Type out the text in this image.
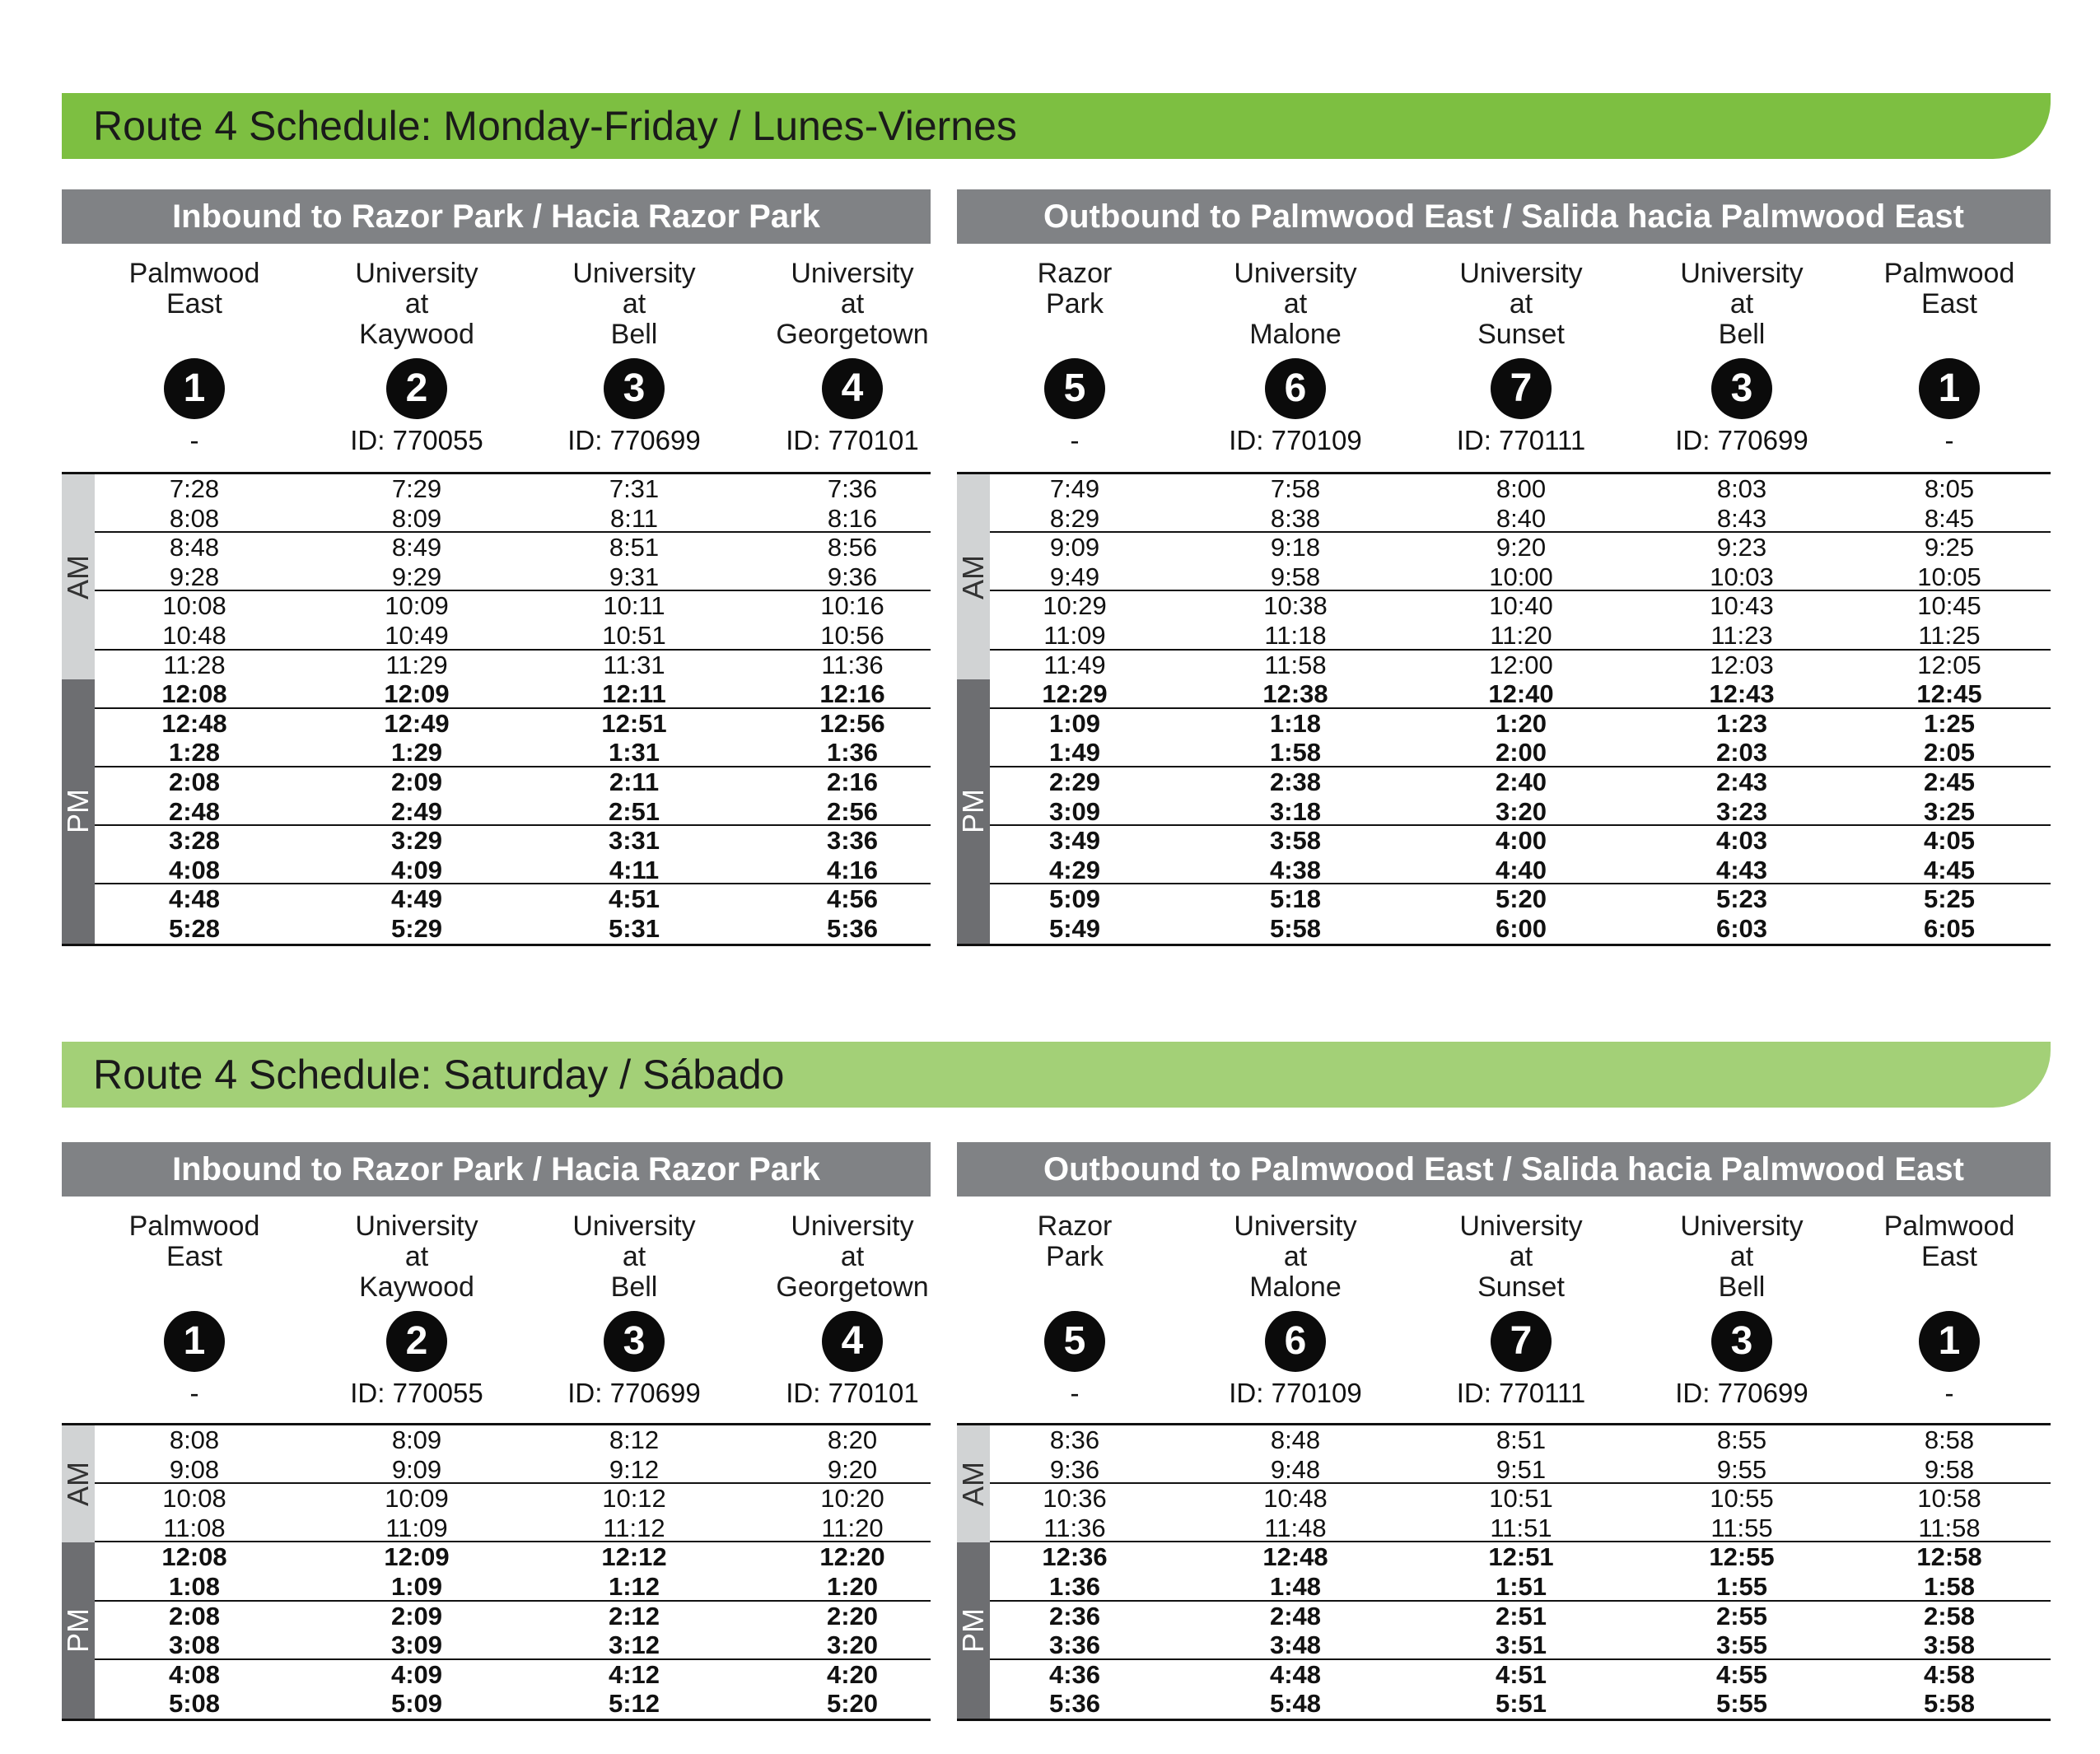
Route 4 Schedule: Monday-Friday / Lunes-Viernes
Inbound to Razor Park / Hacia Razor Park
Palmwood
East
1
-
University
at
Kaywood
2
ID: 770055
University
at
Bell
3
ID: 770699
University
at
Georgetown
4
ID: 770101
AM
PM
7:28	7:29	7:31	7:36
8:08	8:09	8:11	8:16
8:48	8:49	8:51	8:56
9:28	9:29	9:31	9:36
10:08	10:09	10:11	10:16
10:48	10:49	10:51	10:56
11:28	11:29	11:31	11:36
12:08	12:09	12:11	12:16
12:48	12:49	12:51	12:56
1:28	1:29	1:31	1:36
2:08	2:09	2:11	2:16
2:48	2:49	2:51	2:56
3:28	3:29	3:31	3:36
4:08	4:09	4:11	4:16
4:48	4:49	4:51	4:56
5:28	5:29	5:31	5:36
Outbound to Palmwood East / Salida hacia Palmwood East
Razor
Park
5
-
University
at
Malone
6
ID: 770109
University
at
Sunset
7
ID: 770111
University
at
Bell
3
ID: 770699
Palmwood
East
1
-
AM
PM
7:49	7:58	8:00	8:03	8:05
8:29	8:38	8:40	8:43	8:45
9:09	9:18	9:20	9:23	9:25
9:49	9:58	10:00	10:03	10:05
10:29	10:38	10:40	10:43	10:45
11:09	11:18	11:20	11:23	11:25
11:49	11:58	12:00	12:03	12:05
12:29	12:38	12:40	12:43	12:45
1:09	1:18	1:20	1:23	1:25
1:49	1:58	2:00	2:03	2:05
2:29	2:38	2:40	2:43	2:45
3:09	3:18	3:20	3:23	3:25
3:49	3:58	4:00	4:03	4:05
4:29	4:38	4:40	4:43	4:45
5:09	5:18	5:20	5:23	5:25
5:49	5:58	6:00	6:03	6:05
Route 4 Schedule: Saturday / Sábado
Inbound to Razor Park / Hacia Razor Park
Palmwood
East
1
-
University
at
Kaywood
2
ID: 770055
University
at
Bell
3
ID: 770699
University
at
Georgetown
4
ID: 770101
AM
PM
8:08	8:09	8:12	8:20
9:08	9:09	9:12	9:20
10:08	10:09	10:12	10:20
11:08	11:09	11:12	11:20
12:08	12:09	12:12	12:20
1:08	1:09	1:12	1:20
2:08	2:09	2:12	2:20
3:08	3:09	3:12	3:20
4:08	4:09	4:12	4:20
5:08	5:09	5:12	5:20
Outbound to Palmwood East / Salida hacia Palmwood East
Razor
Park
5
-
University
at
Malone
6
ID: 770109
University
at
Sunset
7
ID: 770111
University
at
Bell
3
ID: 770699
Palmwood
East
1
-
AM
PM
8:36	8:48	8:51	8:55	8:58
9:36	9:48	9:51	9:55	9:58
10:36	10:48	10:51	10:55	10:58
11:36	11:48	11:51	11:55	11:58
12:36	12:48	12:51	12:55	12:58
1:36	1:48	1:51	1:55	1:58
2:36	2:48	2:51	2:55	2:58
3:36	3:48	3:51	3:55	3:58
4:36	4:48	4:51	4:55	4:58
5:36	5:48	5:51	5:55	5:58
